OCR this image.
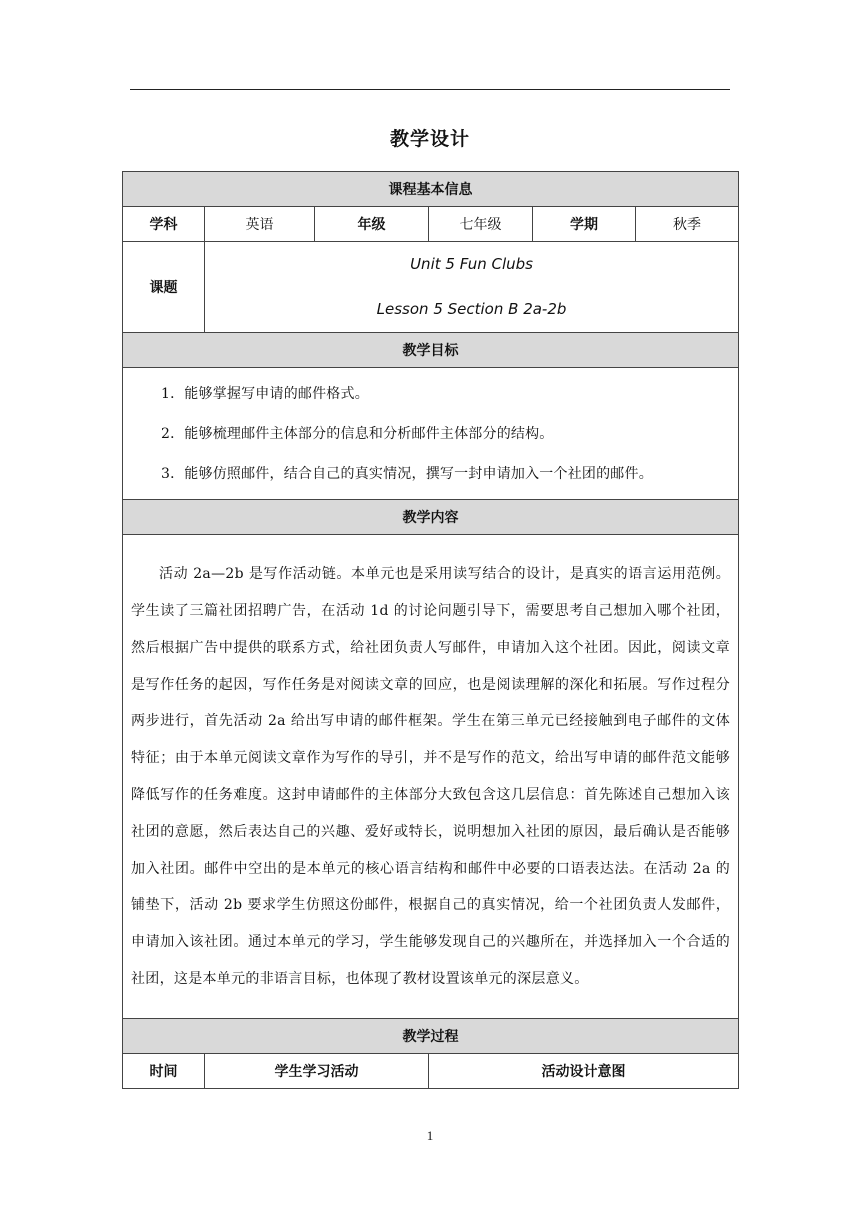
教学设计
课程基本信息					
学科	英语	年级	七年级	学期	秋季
课题	Unit 5 Fun Clubs
Lesson 5 Section B 2a-2b				

教学目标					

1．能够掌握写申请的邮件格式。
2．能够梳理邮件主体部分的信息和分析邮件主体部分的结构。
3．能够仿照邮件，结合自己的真实情况，撰写一封申请加入一个社团的邮件。					

教学内容					

活动 2a—2b 是写作活动链。本单元也是采用读写结合的设计，是真实的语言运用范例。学生读了三篇社团招聘广告，在活动 1d 的讨论问题引导下，需要思考自己想加入哪个社团，然后根据广告中提供的联系方式，给社团负责人写邮件，申请加入这个社团。因此，阅读文章是写作任务的起因，写作任务是对阅读文章的回应，也是阅读理解的深化和拓展。写作过程分两步进行，首先活动 2a 给出写申请的邮件框架。学生在第三单元已经接触到电子邮件的文体特征；由于本单元阅读文章作为写作的导引，并不是写作的范文，给出写申请的邮件范文能够降低写作的任务难度。这封申请邮件的主体部分大致包含这几层信息：首先陈述自己想加入该社团的意愿，然后表达自己的兴趣、爱好或特长，说明想加入社团的原因，最后确认是否能够加入社团。邮件中空出的是本单元的核心语言结构和邮件中必要的口语表达法。在活动 2a 的铺垫下，活动 2b 要求学生仿照这份邮件，根据自己的真实情况，给一个社团负责人发邮件，申请加入该社团。通过本单元的学习，学生能够发现自己的兴趣所在，并选择加入一个合适的社团，这是本单元的非语言目标，也体现了教材设置该单元的深层意义。					

教学过程					
时间	学生学习活动		活动设计意图		
1
